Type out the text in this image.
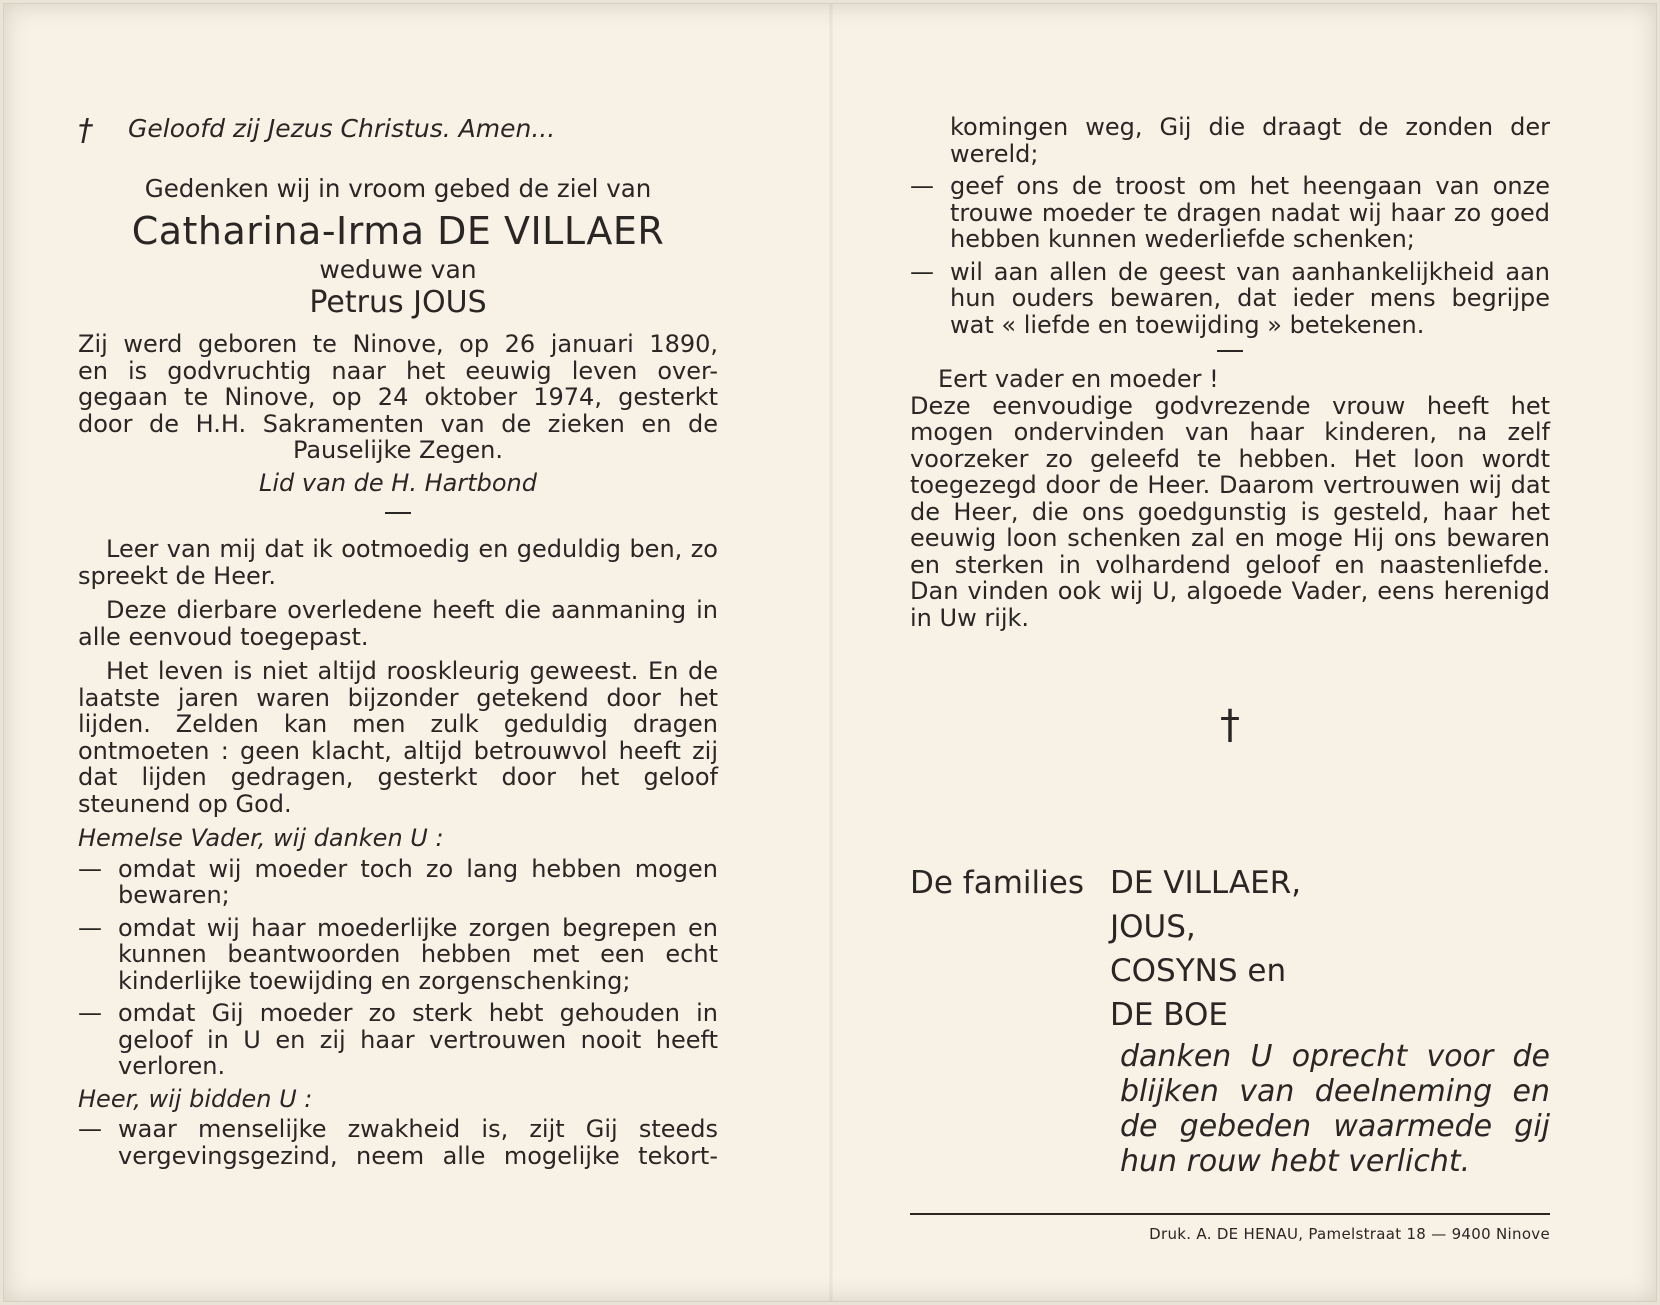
† Geloofd zij Jezus Christus. Amen...

Gedenken wij in vroom gebed de ziel van

Catharina-Irma DE VILLAER

weduwe van

Petrus JOUS

Zij werd geboren te Ninove, op 26 januari 1890,
en is godvruchtig naar het eeuwig leven over-
gegaan te Ninove, op 24 oktober 1974, gesterkt
door de H.H. Sakramenten van de zieken en de
Pauselijke Zegen.

Lid van de H. Hartbond

Leer van mij dat ik ootmoedig en geduldig ben, zo spreekt de Heer.

Deze dierbare overledene heeft die aanmaning in alle eenvoud toegepast.

Het leven is niet altijd rooskleurig geweest. En de laatste jaren waren bijzonder getekend door het lijden. Zelden kan men zulk geduldig dragen ontmoeten : geen klacht, altijd betrouwvol heeft zij dat lijden gedragen, gesterkt door het geloof steunend op God.

Hemelse Vader, wij danken U :

— omdat wij moeder toch zo lang hebben mogen bewaren;
— omdat wij haar moederlijke zorgen begrepen en kunnen beantwoorden hebben met een echt kinderlijke toewijding en zorgenschenking;
— omdat Gij moeder zo sterk hebt gehouden in geloof in U en zij haar vertrouwen nooit heeft verloren.

Heer, wij bidden U :

— waar menselijke zwakheid is, zijt Gij steeds vergevingsgezind, neem alle mogelijke tekort-
komingen weg, Gij die draagt de zonden der wereld;
— geef ons de troost om het heengaan van onze trouwe moeder te dragen nadat wij haar zo goed hebben kunnen wederliefde schenken;
— wil aan allen de geest van aanhankelijkheid aan hun ouders bewaren, dat ieder mens begrijpe wat « liefde en toewijding » betekenen.

Eert vader en moeder !

Deze eenvoudige godvrezende vrouw heeft het mogen ondervinden van haar kinderen, na zelf voorzeker zo geleefd te hebben. Het loon wordt toegezegd door de Heer. Daarom vertrouwen wij dat de Heer, die ons goedgunstig is gesteld, haar het eeuwig loon schenken zal en moge Hij ons bewaren en sterken in volhardend geloof en naastenliefde. Dan vinden ook wij U, algoede Vader, eens herenigd in Uw rijk.

†
De families DE VILLAER,
JOUS,
COSYNS en
DE BOE

danken U oprecht voor de blijken van deelneming en de gebeden waarmede gij hun rouw hebt verlicht.

Druk. A. DE HENAU, Pamelstraat 18 — 9400 Ninove
